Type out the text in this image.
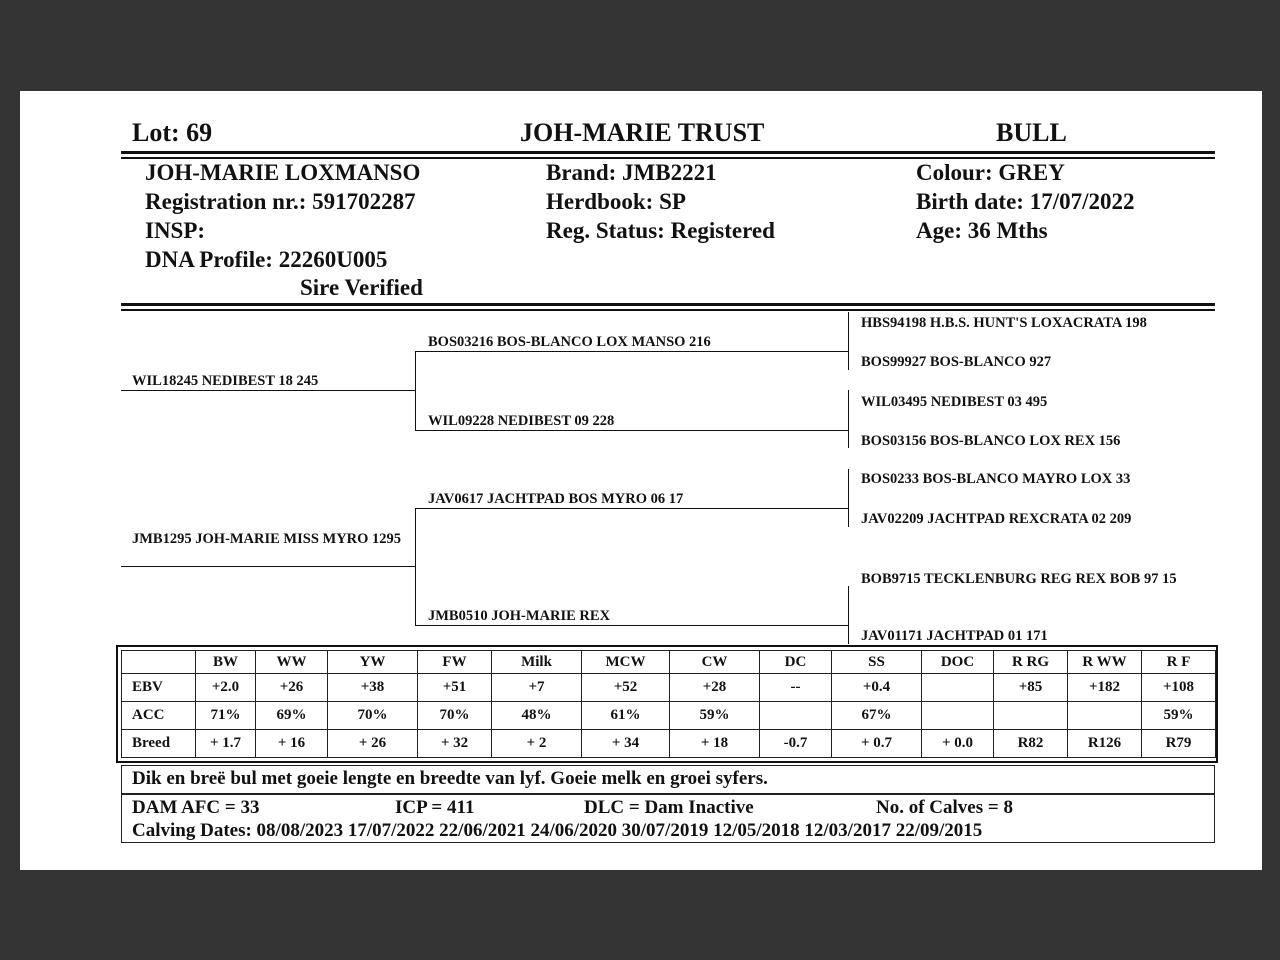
Lot: 69	JOH-MARIE TRUST	BULL
JOH-MARIE LOXMANSO
Registration nr.: 591702287
INSP:
DNA Profile: 22260U005
Sire Verified
Brand: JMB2221
Herdbook: SP
Reg. Status: Registered
Colour: GREY
Birth date: 17/07/2022
Age: 36 Mths
WIL18245 NEDIBEST 18 245
JMB1295 JOH-MARIE MISS MYRO 1295
BOS03216 BOS-BLANCO LOX MANSO 216
WIL09228 NEDIBEST 09 228
JAV0617 JACHTPAD BOS MYRO 06 17
JMB0510 JOH-MARIE REX
HBS94198 H.B.S. HUNT'S LOXACRATA 198
BOS99927 BOS-BLANCO 927
WIL03495 NEDIBEST 03 495
BOS03156 BOS-BLANCO LOX REX 156
BOS0233 BOS-BLANCO MAYRO LOX 33
JAV02209 JACHTPAD REXCRATA 02 209
BOB9715 TECKLENBURG REG REX BOB 97 15
JAV01171 JACHTPAD 01 171
	BW	WW	YW	FW	Milk	MCW	CW	DC	SS	DOC	R RG	R WW	R F
EBV	+2.0	+26	+38	+51	+7	+52	+28	--	+0.4		+85	+182	+108
ACC	71%	69%	70%	70%	48%	61%	59%		67%				59%
Breed	+ 1.7	+ 16	+ 26	+ 32	+ 2	+ 34	+ 18	-0.7	+ 0.7	+ 0.0	R82	R126	R79
Dik en breë bul met goeie lengte en breedte van lyf. Goeie melk en groei syfers.
DAM AFC = 33	ICP = 411	DLC = Dam Inactive	No. of Calves = 8
Calving Dates: 08/08/2023 17/07/2022 22/06/2021 24/06/2020 30/07/2019 12/05/2018 12/03/2017 22/09/2015
